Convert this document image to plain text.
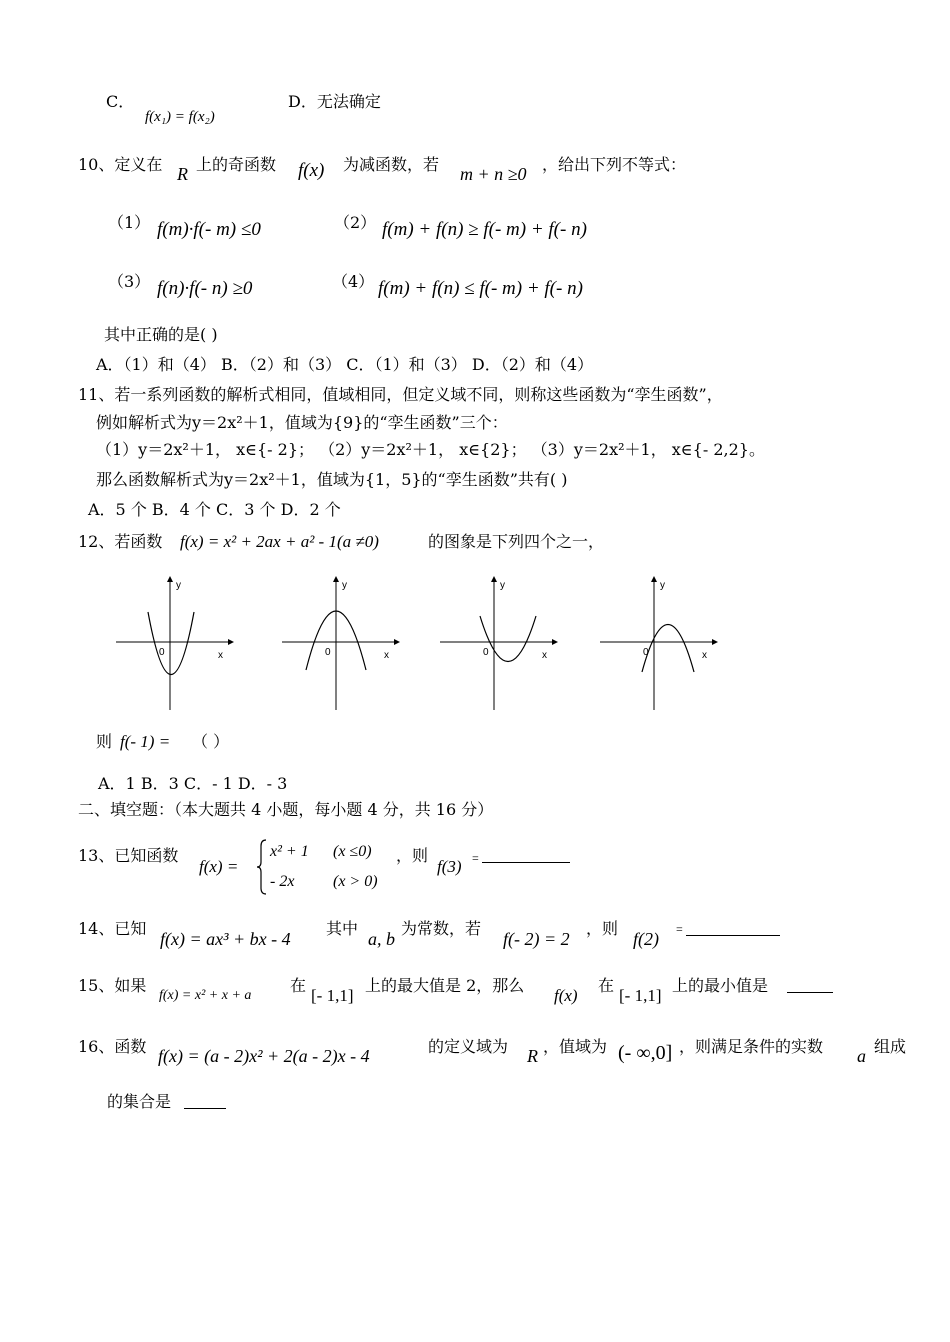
C．
f(x₁) = f(x₂)
D．无法确定
10、定义在 R 上的奇函数 f(x) 为减函数，若 m + n ≥0 ，给出下列不等式：
（1） f(m)·f(- m) ≤0	（2） f(m) + f(n) ≥ f(- m) + f(- n)
（3） f(n)·f(- n) ≥0	（4） f(m) + f(n) ≤ f(- m) + f(- n)
其中正确的是( )
A．（1）和（4） B．（2）和（3） C．（1）和（3） D．（2）和（4）
11、若一系列函数的解析式相同，值域相同，但定义域不同，则称这些函数为“孪生函数”，
例如解析式为y＝2x²＋1，值域为{9}的“孪生函数”三个：
（1）y＝2x²＋1， x∈{- 2}； （2）y＝2x²＋1， x∈{2}； （3）y＝2x²＋1， x∈{- 2,2}。
那么函数解析式为y＝2x²＋1，值域为{1，5}的“孪生函数”共有( )
A．5 个 B．4 个 C．3 个 D．2 个
12、若函数 f(x) = x² + 2ax + a² - 1(a ≠0)	的图象是下列四个之一，
y
x
0
y
x
0
y
x
0
y
x
0
则 f(- 1) = （ ）
A．1 B．3 C．- 1 D．- 3
二、填空题：（本大题共 4 小题，每小题 4 分，共 16 分）
13、已知函数
f(x) =
x² + 1 (x ≤0)
- 2x (x > 0)
，则
f(3) =
14、已知
f(x) = ax³ + bx - 4
其中
a, b
为常数，若
f(- 2) = 2
，则
f(2) =
15、如果
f(x) = x² + x + a
在
[- 1,1]
上的最大值是 2，那么
f(x)
在
[- 1,1]
上的最小值是
16、函数 f(x) = (a - 2)x² + 2(a - 2)x - 4	的定义域为 R ，值域为 (- ∞,0] ，则满足条件的实数 a 组成
的集合是
